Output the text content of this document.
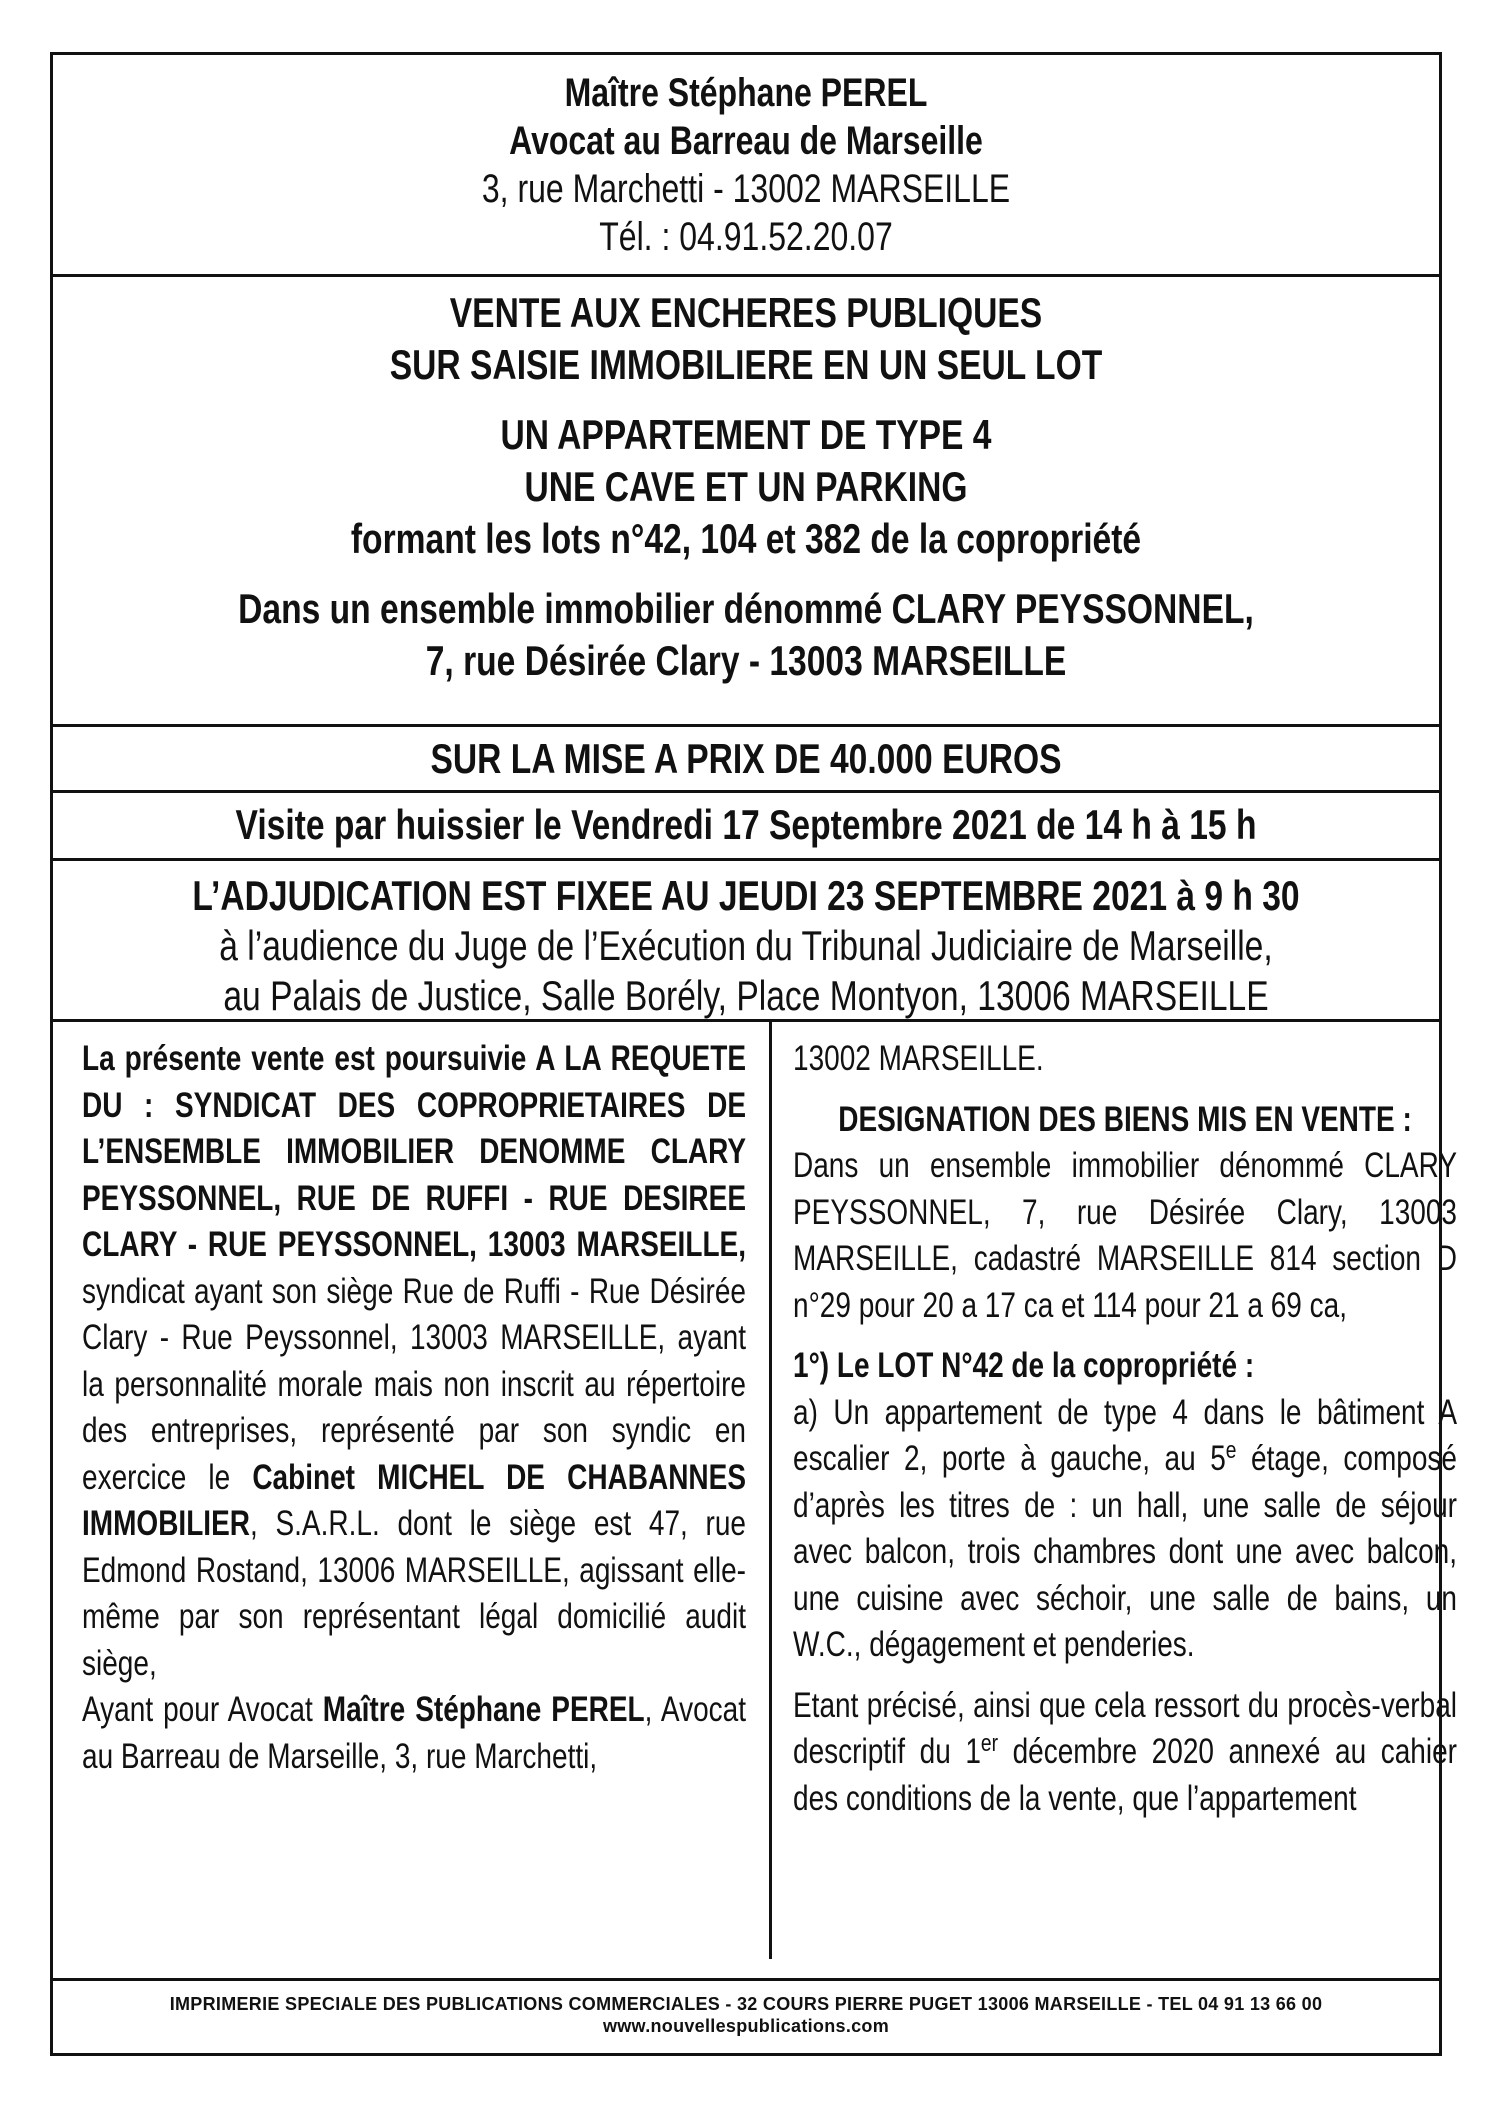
Maître Stéphane PEREL
Avocat au Barreau de Marseille
3, rue Marchetti - 13002 MARSEILLE
Tél. : 04.91.52.20.07
VENTE AUX ENCHERES PUBLIQUES
SUR SAISIE IMMOBILIERE EN UN SEUL LOT
UN APPARTEMENT DE TYPE 4
UNE CAVE ET UN PARKING
formant les lots n°42, 104 et 382 de la copropriété
Dans un ensemble immobilier dénommé CLARY PEYSSONNEL,
7, rue Désirée Clary - 13003 MARSEILLE
SUR LA MISE A PRIX DE 40.000 EUROS
Visite par huissier le Vendredi 17 Septembre 2021 de 14 h à 15 h
L’ADJUDICATION EST FIXEE AU JEUDI 23 SEPTEMBRE 2021 à 9 h 30
à l’audience du Juge de l’Exécution du Tribunal Judiciaire de Marseille,
au Palais de Justice, Salle Borély, Place Montyon, 13006 MARSEILLE

La présente vente est poursuivie A LA REQUETE DU : SYNDICAT DES COPROPRIETAIRES DE L’ENSEMBLE IMMOBILIER DENOMME CLARY PEYSSONNEL, RUE DE RUFFI - RUE DESIREE CLARY - RUE PEYSSONNEL, 13003 MARSEILLE, syndicat ayant son siège Rue de Ruffi - Rue Désirée Clary - Rue Peyssonnel, 13003 MARSEILLE, ayant la personnalité morale mais non inscrit au répertoire des entreprises, représenté par son syndic en exercice le Cabinet MICHEL DE CHABANNES IMMOBILIER, S.A.R.L. dont le siège est 47, rue Edmond Rostand, 13006 MARSEILLE, agissant elle-même par son représentant légal domicilié audit siège,

Ayant pour Avocat Maître Stéphane PEREL, Avocat au Barreau de Marseille, 3, rue Marchetti,

13002 MARSEILLE.

DESIGNATION DES BIENS MIS EN VENTE :

Dans un ensemble immobilier dénommé CLARY PEYSSONNEL, 7, rue Désirée Clary, 13003 MARSEILLE, cadastré MARSEILLE 814 section D n°29 pour 20 a 17 ca et 114 pour 21 a 69 ca,

1°) Le LOT N°42 de la copropriété :

a) Un appartement de type 4 dans le bâtiment A escalier 2, porte à gauche, au 5e étage, composé d’après les titres de : un hall, une salle de séjour avec balcon, trois chambres dont une avec balcon, une cuisine avec séchoir, une salle de bains, un W.C., dégagement et penderies.

Etant précisé, ainsi que cela ressort du procès-verbal descriptif du 1er décembre 2020 annexé au cahier des conditions de la vente, que l’appartement

IMPRIMERIE SPECIALE DES PUBLICATIONS COMMERCIALES - 32 COURS PIERRE PUGET 13006 MARSEILLE - TEL 04 91 13 66 00
www.nouvellespublications.com
